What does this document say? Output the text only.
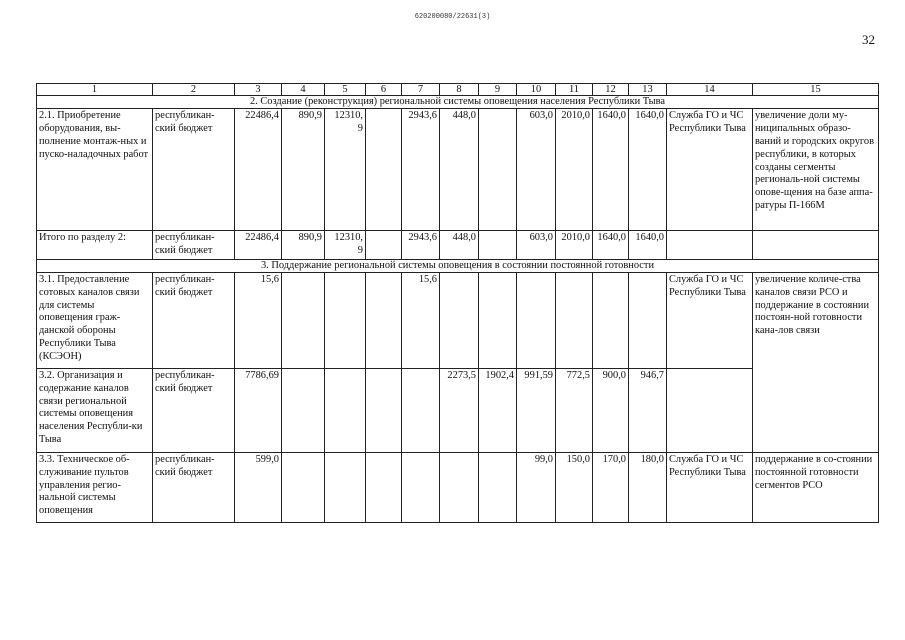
620200080/22631(3)
32
1	2	3	4	5	6	7	8	9	10	11	12	13	14	15
2. Создание (реконструкция) региональной системы оповещения населения Республики Тыва														
2.1. Приобретение оборудования, вы-полнение монтаж-ных и пуско-наладочных работ	республикан-ский бюджет	22486,4	890,9	12310, 9		2943,6	448,0		603,0	2010,0	1640,0	1640,0	Служба ГО и ЧС Республики Тыва	увеличение доли му-ниципальных образо-ваний и городских округов республики, в которых созданы сегменты региональ-ной системы оповe-щения на базе аппа-ратуры П-166М
Итого по разделу 2:	республикан-ский бюджет	22486,4	890,9	12310, 9		2943,6	448,0		603,0	2010,0	1640,0	1640,0		
3. Поддержание региональной системы оповещения в состоянии постоянной готовности														
3.1. Предоставление сотовых каналов связи для системы оповещения граж-данской обороны Республики Тыва (КСЭОН)	республикан-ский бюджет	15,6				15,6							Служба ГО и ЧС Республики Тыва	увеличение количе-ства каналов связи РСО и поддержание в состоянии постоян-ной готовности кана-лов связи
3.2. Организация и содержание каналов связи региональной системы оповещения населения Республи-ки Тыва	республикан-ский бюджет	7786,69					2273,5	1902,4	991,59	772,5	900,0	946,7		
3.3. Техническое об-служивание пультов управления регио-нальной системы оповещения	республикан-ский бюджет	599,0							99,0	150,0	170,0	180,0	Служба ГО и ЧС Республики Тыва	поддержание в со-стоянии постоянной готовности сегментов РСО
